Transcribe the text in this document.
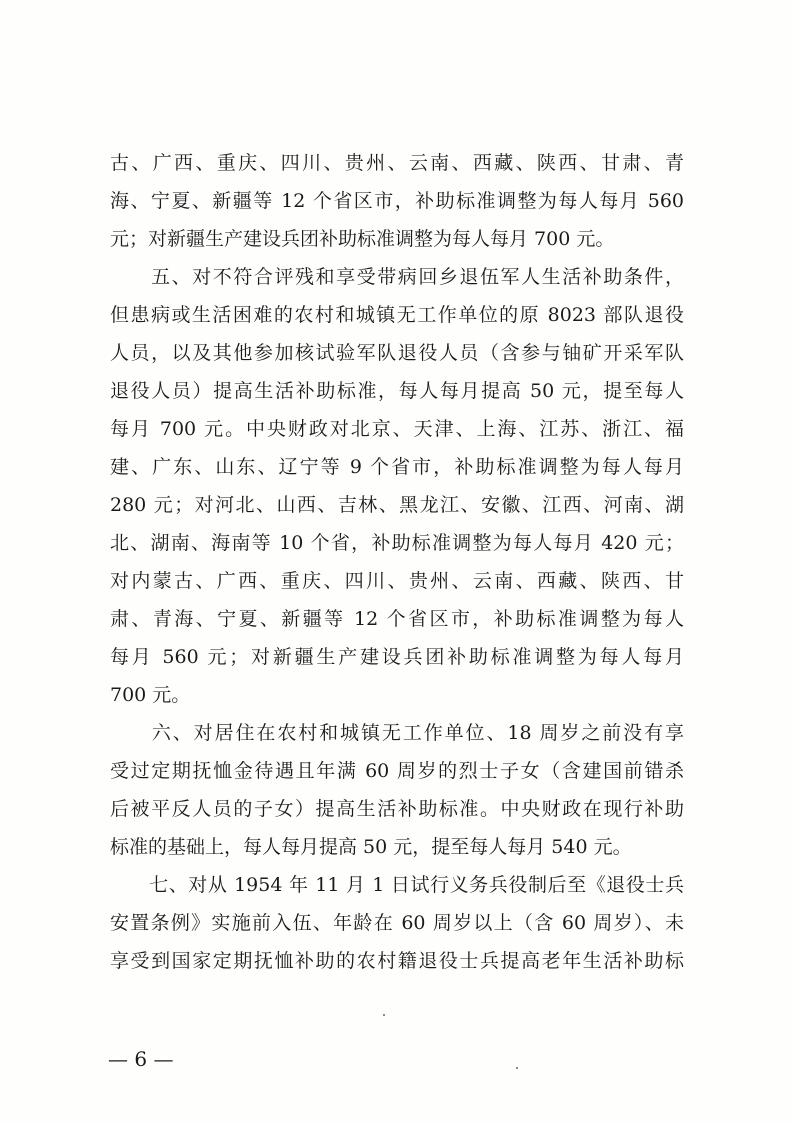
古、广西、重庆、四川、贵州、云南、西藏、陕西、甘肃、青
海、宁夏、新疆等 12 个省区市，补助标准调整为每人每月 560
元；对新疆生产建设兵团补助标准调整为每人每月 700 元。
　　五、对不符合评残和享受带病回乡退伍军人生活补助条件，
但患病或生活困难的农村和城镇无工作单位的原 8023 部队退役
人员，以及其他参加核试验军队退役人员（含参与铀矿开采军队
退役人员）提高生活补助标准，每人每月提高 50 元，提至每人
每月 700 元。中央财政对北京、天津、上海、江苏、浙江、福
建、广东、山东、辽宁等 9 个省市，补助标准调整为每人每月
280 元；对河北、山西、吉林、黑龙江、安徽、江西、河南、湖
北、湖南、海南等 10 个省，补助标准调整为每人每月 420 元；
对内蒙古、广西、重庆、四川、贵州、云南、西藏、陕西、甘
肃、青海、宁夏、新疆等 12 个省区市，补助标准调整为每人
每月 560 元；对新疆生产建设兵团补助标准调整为每人每月
700 元。
　　六、对居住在农村和城镇无工作单位、18 周岁之前没有享
受过定期抚恤金待遇且年满 60 周岁的烈士子女（含建国前错杀
后被平反人员的子女）提高生活补助标准。中央财政在现行补助
标准的基础上，每人每月提高 50 元，提至每人每月 540 元。
　　七、对从 1954 年 11 月 1 日试行义务兵役制后至《退役士兵
安置条例》实施前入伍、年龄在 60 周岁以上（含 60 周岁）、未
享受到国家定期抚恤补助的农村籍退役士兵提高老年生活补助标
— 6 —
